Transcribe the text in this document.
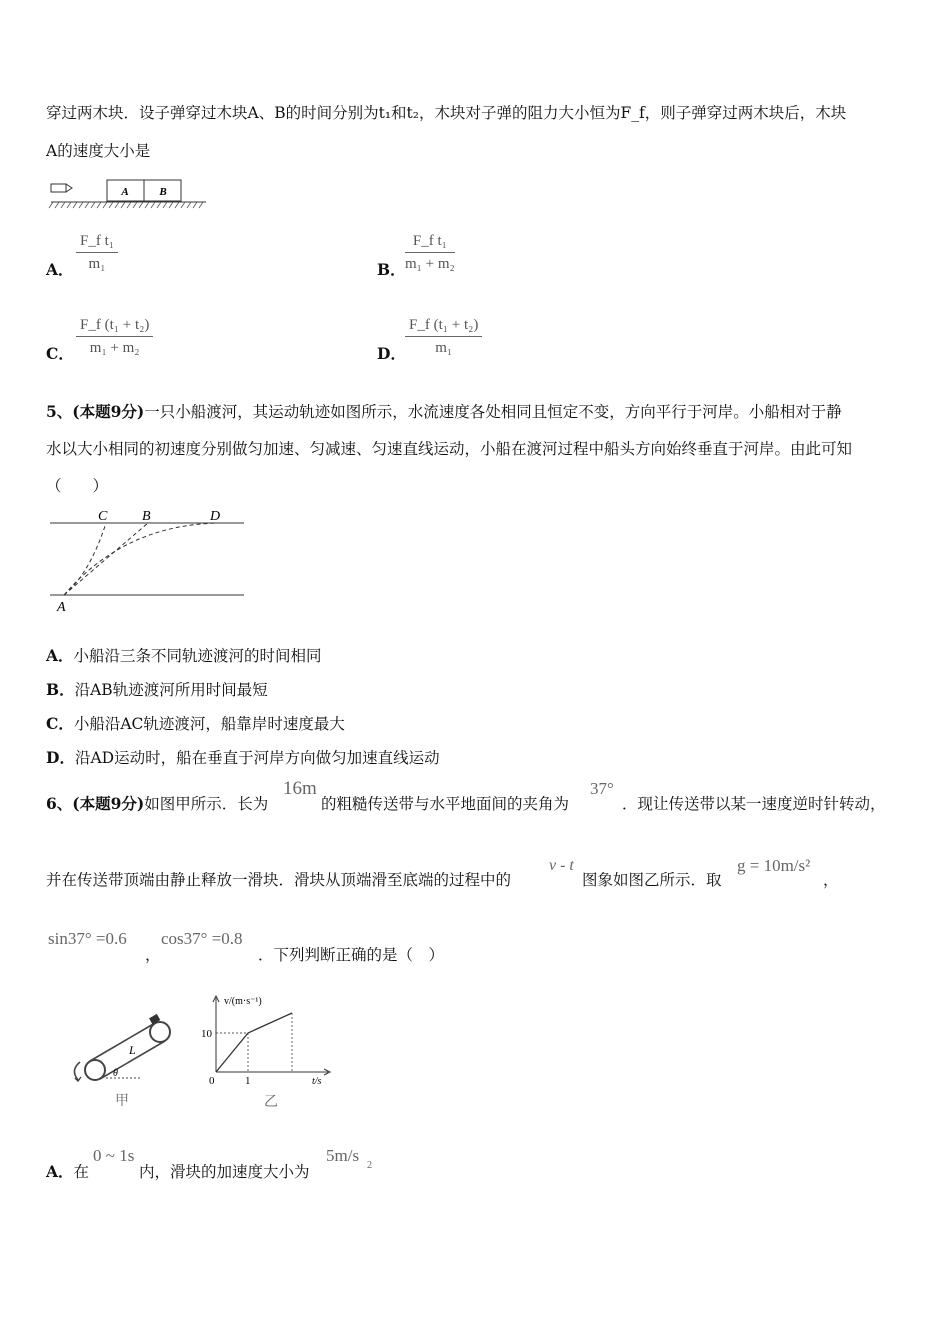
穿过两木块．设子弹穿过木块A、B的时间分别为t₁和t₂，木块对子弹的阻力大小恒为F_f，则子弹穿过两木块后，木块
A的速度大小是
A	B
A．
F_f t₁
m₁	B．
F_f t₁
m₁ + m₂
C．
F_f (t₁ + t₂)
m₁ + m₂	D．
F_f (t₁ + t₂)
m₁
5、(本题9分)一只小船渡河，其运动轨迹如图所示，水流速度各处相同且恒定不变，方向平行于河岸。小船相对于静
水以大小相同的初速度分别做匀加速、匀减速、匀速直线运动，小船在渡河过程中船头方向始终垂直于河岸。由此可知
（　　）
C B	D
A
A．小船沿三条不同轨迹渡河的时间相同
B．沿AB轨迹渡河所用时间最短
C．小船沿AC轨迹渡河，船靠岸时速度最大
D．沿AD运动时，船在垂直于河岸方向做匀加速直线运动
6、(本题9分)如图甲所示．长为
16m
的粗糙传送带与水平地面间的夹角为
37°
．现让传送带以某一速度逆时针转动，
并在传送带顶端由静止释放一滑块．滑块从顶端滑至底端的过程中的
v - t
图象如图乙所示．取
g = 10m/s²
，
sin37° =0.6
，
cos37° =0.8
．下列判断正确的是（　）
L
θ
甲
v/(m·s⁻¹)
t/s
0	1
10
乙
A．在
0 ~ 1s
内，滑块的加速度大小为
5m/s
2
